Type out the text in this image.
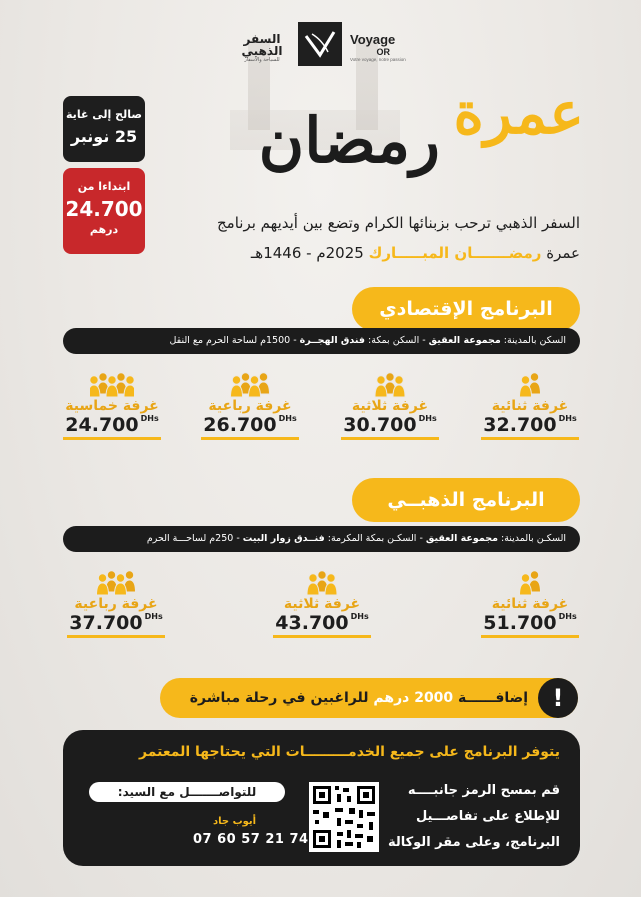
السفر
الذهبي
للسياحة والأسفار
Voyage
OR
Votre voyage, notre passion
صالح إلى غاية
25 نونبر
ابتداءا من
24.700
درهم
عمرة
رمضان
السفر الذهبي ترحب بزبنائها الكرام وتضع بين أيديهم برنامج
عمرة رمضـــــــان المبـــــارك 2025م - 1446هـ
البرنامج الإقتصادي
السكن بالمدينة: مجموعة العقيق - السكن بمكة: فندق الهجــرة - 1500م لساحة الحرم مع النقل
غرفة ثنائية
32.700 $^{DHs}$
غرفة ثلاثية
30.700 $^{DHs}$
غرفة رباعية
26.700 $^{DHs}$
غرفة خماسية
24.700 $^{DHs}$
البرنامج الذهبــي
السكـن بالمدينة: مجموعة العقيق - السكـن بمكة المكرمة: فنــدق زوار البيت - 250م لساحـــة الحرم
غرفة ثنائية
51.700 $^{DHs}$
غرفة ثلاثية
43.700 $^{DHs}$
غرفة رباعية
37.700 $^{DHs}$
!
إضافــــــة 2000 درهم للراغبين في رحلة مباشرة
يتوفر البرنامج على جميع الخدمـــــــــات التي يحتاجها المعتمر
قم بمسح الرمز جانبــــه
للإطلاع على تفاصـــيل
البرنامج، وعلى مقر الوكالة
للتواصـــــــل مع السيد:
أيوب جاد
07 60 57 21 74
